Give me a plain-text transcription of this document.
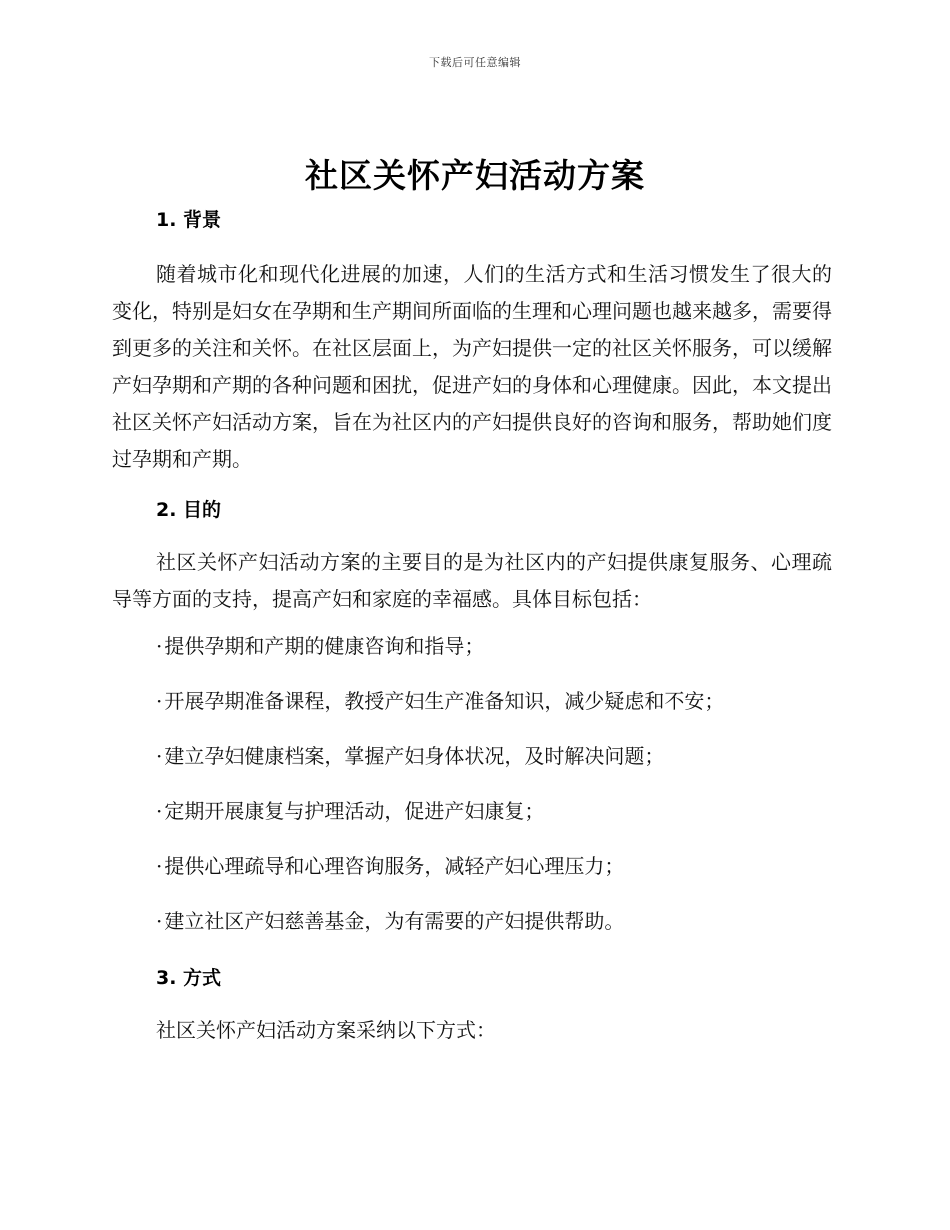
下载后可任意编辑
社区关怀产妇活动方案
1. 背景

随着城市化和现代化进展的加速，人们的生活方式和生活习惯发生了很大的变化，特别是妇女在孕期和生产期间所面临的生理和心理问题也越来越多，需要得到更多的关注和关怀。在社区层面上，为产妇提供一定的社区关怀服务，可以缓解产妇孕期和产期的各种问题和困扰，促进产妇的身体和心理健康。因此，本文提出社区关怀产妇活动方案，旨在为社区内的产妇提供良好的咨询和服务，帮助她们度过孕期和产期。

2. 目的

社区关怀产妇活动方案的主要目的是为社区内的产妇提供康复服务、心理疏导等方面的支持，提高产妇和家庭的幸福感。具体目标包括：

· 提供孕期和产期的健康咨询和指导；
· 开展孕期准备课程，教授产妇生产准备知识，减少疑虑和不安；
· 建立孕妇健康档案，掌握产妇身体状况，及时解决问题；
· 定期开展康复与护理活动，促进产妇康复；
· 提供心理疏导和心理咨询服务，减轻产妇心理压力；
· 建立社区产妇慈善基金，为有需要的产妇提供帮助。
3. 方式

社区关怀产妇活动方案采纳以下方式：
